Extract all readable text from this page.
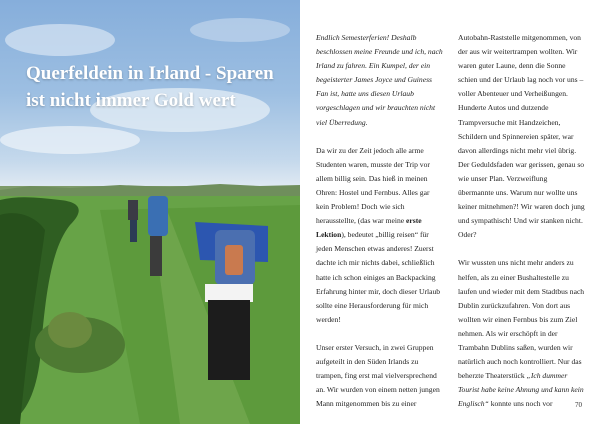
Querfeldein in Irland - Sparen ist nicht immer Gold wert

Endlich Semesterferien! Deshalb beschlossen meine Freunde und ich, nach Irland zu fahren. Ein Kumpel, der ein begeisterter James Joyce und Guiness Fan ist, hatte uns diesen Urlaub vorgeschlagen und wir brauchten nicht viel Überredung.

Da wir zu der Zeit jedoch alle arme Studenten waren, musste der Trip vor allem billig sein. Das hieß in meinen Ohren: Hostel und Fernbus. Alles gar kein Problem! Doch wie sich herausstellte, (das war meine erste Lektion), bedeutet „billig reisen“ für jeden Menschen etwas anderes! Zuerst dachte ich mir nichts dabei, schließlich hatte ich schon einiges an Backpacking Erfahrung hinter mir, doch dieser Urlaub sollte eine Herausforderung für mich werden!

Unser erster Versuch, in zwei Gruppen aufgeteilt in den Süden Irlands zu trampen, fing erst mal vielversprechend an. Wir wurden von einem netten jungen Mann mitgenommen bis zu einer

Autobahn-Raststelle mitgenommen, von der aus wir weitertrampen wollten. Wir waren guter Laune, denn die Sonne schien und der Urlaub lag noch vor uns – voller Abenteuer und Verheißungen. Hunderte Autos und dutzende Trampversuche mit Handzeichen, Schildern und Spinnereien später, war davon allerdings nicht mehr viel übrig. Der Geduldsfaden war gerissen, genau so wie unser Plan. Verzweiflung übermannte uns. Warum nur wollte uns keiner mitnehmen?! Wir waren doch jung und sympathisch! Und wir stanken nicht. Oder?

Wir wussten uns nicht mehr anders zu helfen, als zu einer Bushaltestelle zu laufen und wieder mit dem Stadtbus nach Dublin zurückzufahren. Von dort aus wollten wir einen Fernbus bis zum Ziel nehmen. Als wir erschöpft in der Trambahn Dublins saßen, wurden wir natürlich auch noch kontrolliert. Nur das beherzte Theaterstück „Ich dummer Tourist habe keine Ahnung und kann kein Englisch“ konnte uns noch vor	70
